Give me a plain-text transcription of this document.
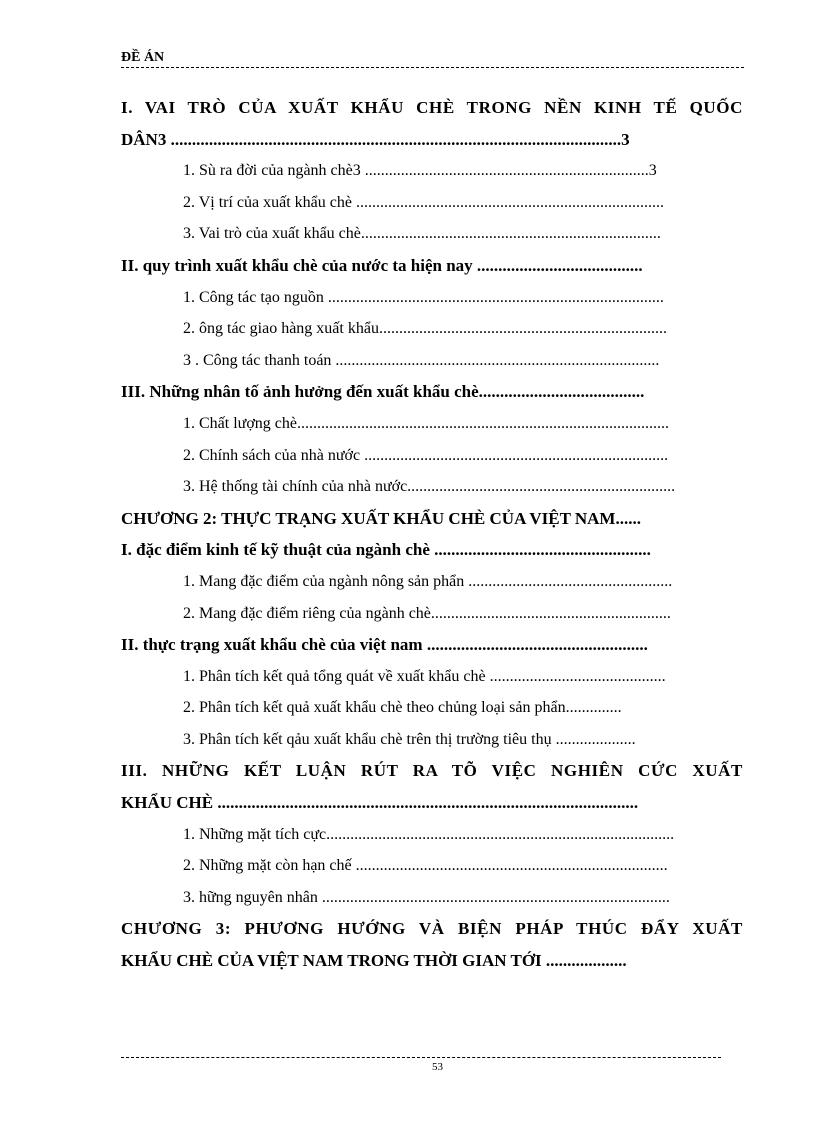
ĐỀ ÁN
I. VAI TRÒ CỦA XUẤT KHẨU CHÈ TRONG NỀN KINH TẾ QUỐC
DÂN3 ..........................................................................................................3
1. Sù ra đời của ngành chè3 .......................................................................3
2. Vị trí của xuất khẩu chè .............................................................................
3. Vai trò của xuất khẩu chè...........................................................................
II. quy trình xuất khẩu chè của nước ta hiện nay .......................................
1. Công tác tạo nguồn ....................................................................................
2. ông tác giao hàng xuất khẩu........................................................................
3 . Công tác thanh toán .................................................................................
III. Những nhân tố ảnh hưởng đến xuất khẩu chè.......................................
1. Chất lượng chè.............................................................................................
2. Chính sách của nhà nước ............................................................................
3. Hệ thống tài chính của nhà nước...................................................................
CHƯƠNG 2: THỰC TRẠNG XUẤT KHẨU CHÈ CỦA VIỆT NAM......
I. đặc điểm kinh tế kỹ thuật của ngành chè ...................................................
1. Mang đặc điểm của ngành nông sản phẩn ...................................................
2. Mang đặc điểm riêng của ngành chè............................................................
II. thực trạng xuất khẩu chè của việt nam ....................................................
1. Phân tích kết quả tổng quát về xuất khẩu chè ............................................
2. Phân tích kết quả xuất khẩu chè theo chủng loại sản phẩn..............
3. Phân tích kết qảu xuất khẩu chè trên thị trường tiêu thụ ....................
III. NHỮNG KẾT LUẬN RÚT RA TÕ VIỆC NGHIÊN CỨC XUẤT
KHẨU CHÈ ...................................................................................................
1. Những mặt tích cực.......................................................................................
2. Những mặt còn hạn chế ..............................................................................
3. hững nguyên nhân .......................................................................................
CHƯƠNG 3: PHƯƠNG HƯỚNG VÀ BIỆN PHÁP THÚC ĐẨY XUẤT
KHẨU CHÈ CỦA VIỆT NAM TRONG THỜI GIAN TỚI ...................
53
